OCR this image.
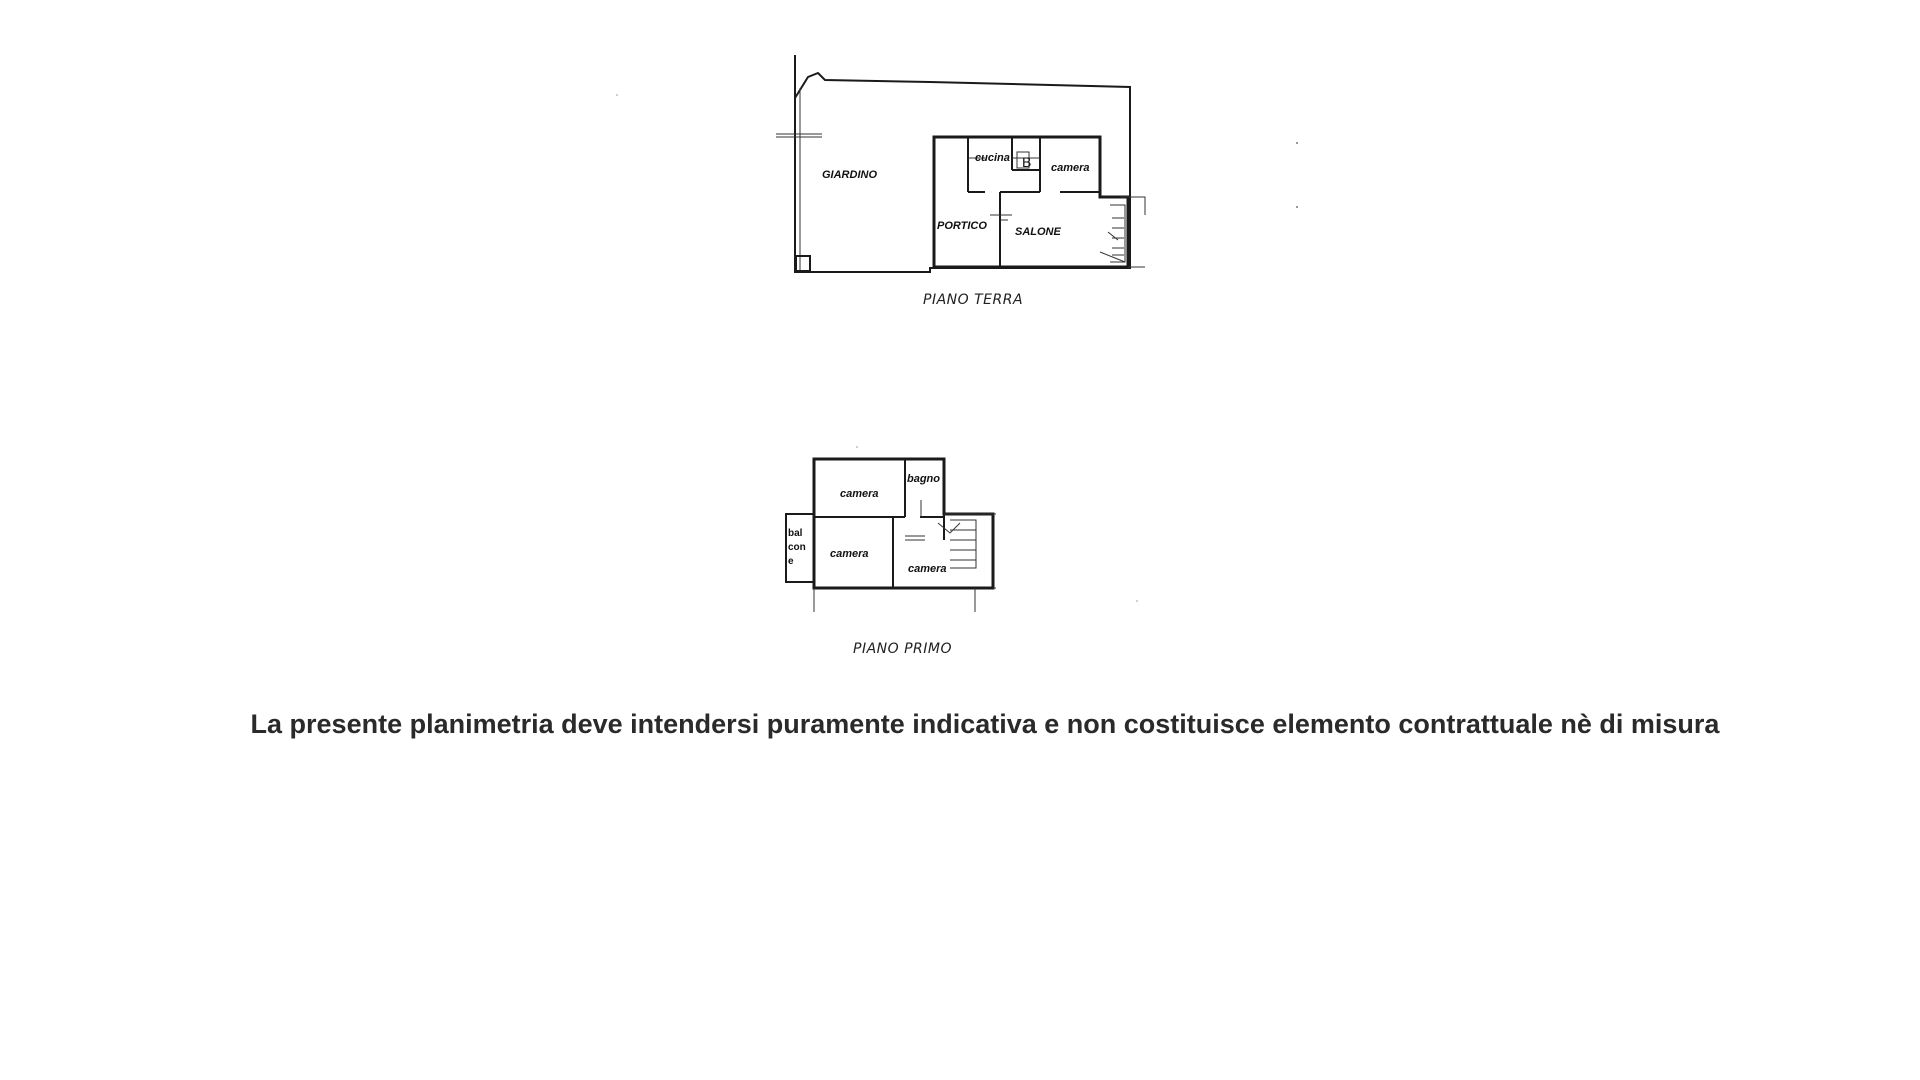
GIARDINO
cucina B camera
PORTICO	SALONE
PIANO TERRA
camera
bagno
bal
con
e
camera
camera
PIANO PRIMO
La presente planimetria deve intendersi puramente indicativa e non costituisce elemento contrattuale nè di misura
